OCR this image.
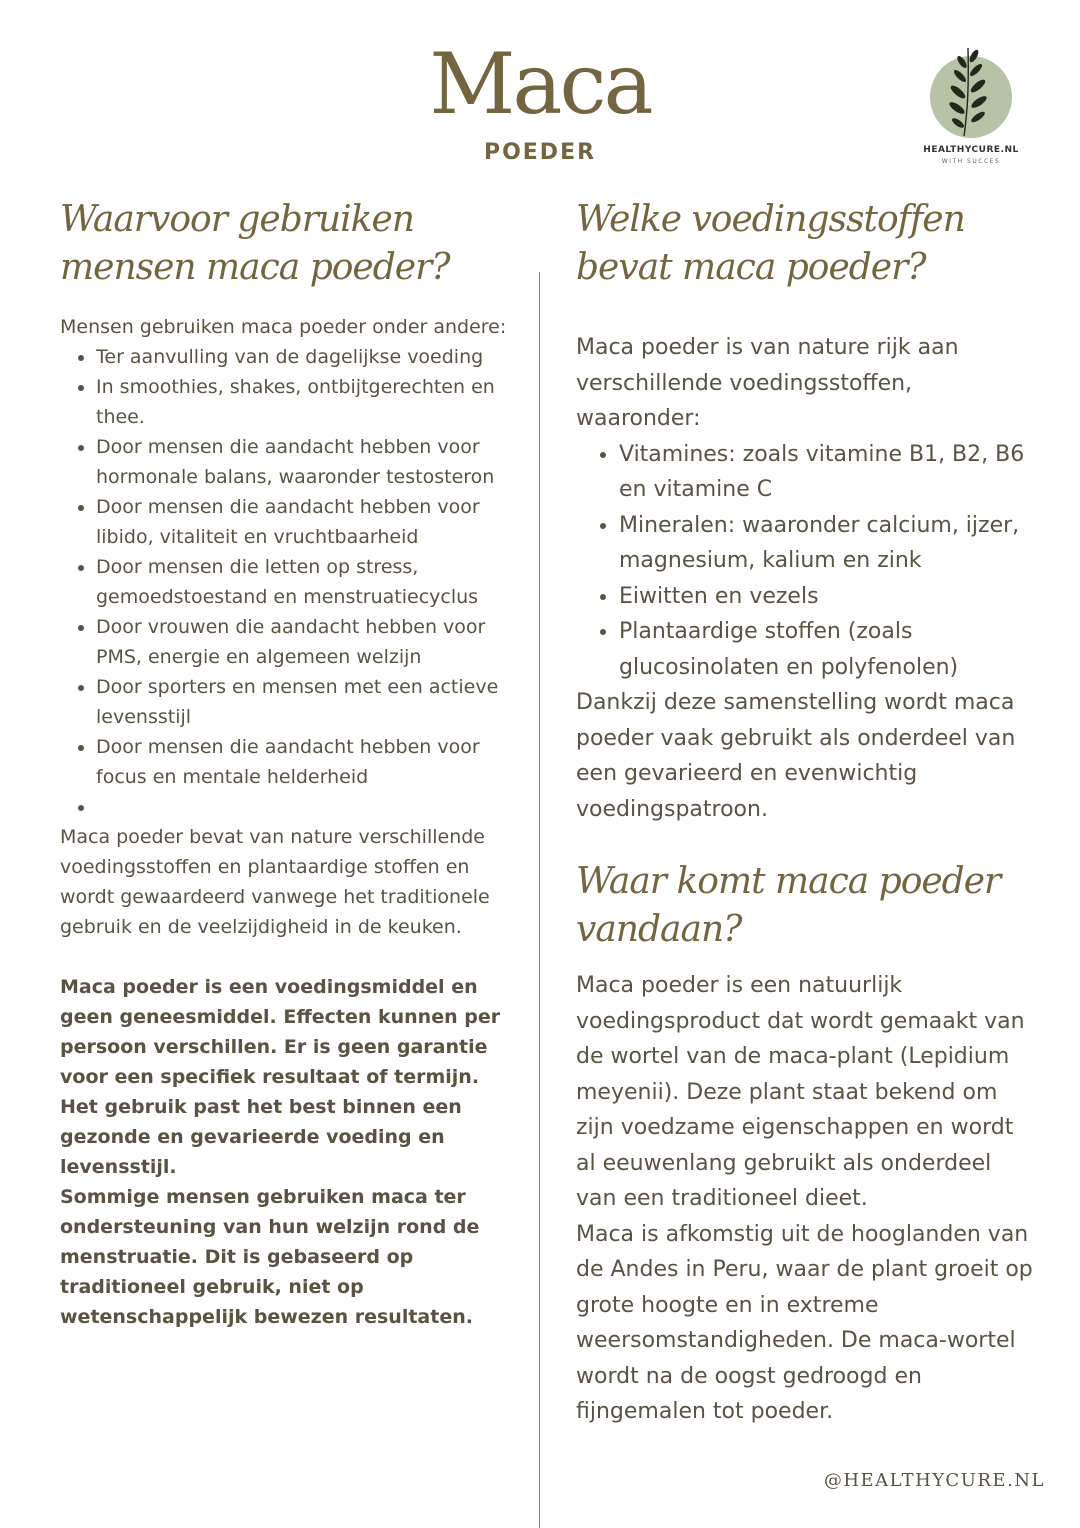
Maca
POEDER	HEALTHYCURE.NL
WITH SUCCES
Waarvoor gebruiken mensen maca poeder?

Mensen gebruiken maca poeder onder andere:

• Ter aanvulling van de dagelijkse voeding
• In smoothies, shakes, ontbijtgerechten en thee.
• Door mensen die aandacht hebben voor hormonale balans, waaronder testosteron
• Door mensen die aandacht hebben voor libido, vitaliteit en vruchtbaarheid
• Door mensen die letten op stress, gemoedstoestand en menstruatiecyclus
• Door vrouwen die aandacht hebben voor PMS, energie en algemeen welzijn
• Door sporters en mensen met een actieve levensstijl
• Door mensen die aandacht hebben voor focus en mentale helderheid
•

Maca poeder bevat van nature verschillende voedingsstoffen en plantaardige stoffen en wordt gewaardeerd vanwege het traditionele gebruik en de veelzijdigheid in de keuken.

Maca poeder is een voedingsmiddel en geen geneesmiddel. Effecten kunnen per persoon verschillen. Er is geen garantie voor een specifiek resultaat of termijn. Het gebruik past het best binnen een gezonde en gevarieerde voeding en levensstijl.

Sommige mensen gebruiken maca ter ondersteuning van hun welzijn rond de menstruatie. Dit is gebaseerd op traditioneel gebruik, niet op wetenschappelijk bewezen resultaten.

Welke voedingsstoffen bevat maca poeder?

Maca poeder is van nature rijk aan verschillende voedingsstoffen, waaronder:

• Vitamines: zoals vitamine B1, B2, B6 en vitamine C
• Mineralen: waaronder calcium, ijzer, magnesium, kalium en zink
• Eiwitten en vezels
• Plantaardige stoffen (zoals glucosinolaten en polyfenolen)

Dankzij deze samenstelling wordt maca poeder vaak gebruikt als onderdeel van een gevarieerd en evenwichtig voedingspatroon.

Waar komt maca poeder vandaan?

Maca poeder is een natuurlijk voedingsproduct dat wordt gemaakt van de wortel van de maca-plant (Lepidium meyenii). Deze plant staat bekend om zijn voedzame eigenschappen en wordt al eeuwenlang gebruikt als onderdeel van een traditioneel dieet.

Maca is afkomstig uit de hooglanden van de Andes in Peru, waar de plant groeit op grote hoogte en in extreme weersomstandigheden. De maca-wortel wordt na de oogst gedroogd en fijngemalen tot poeder.

@HEALTHYCURE.NL
